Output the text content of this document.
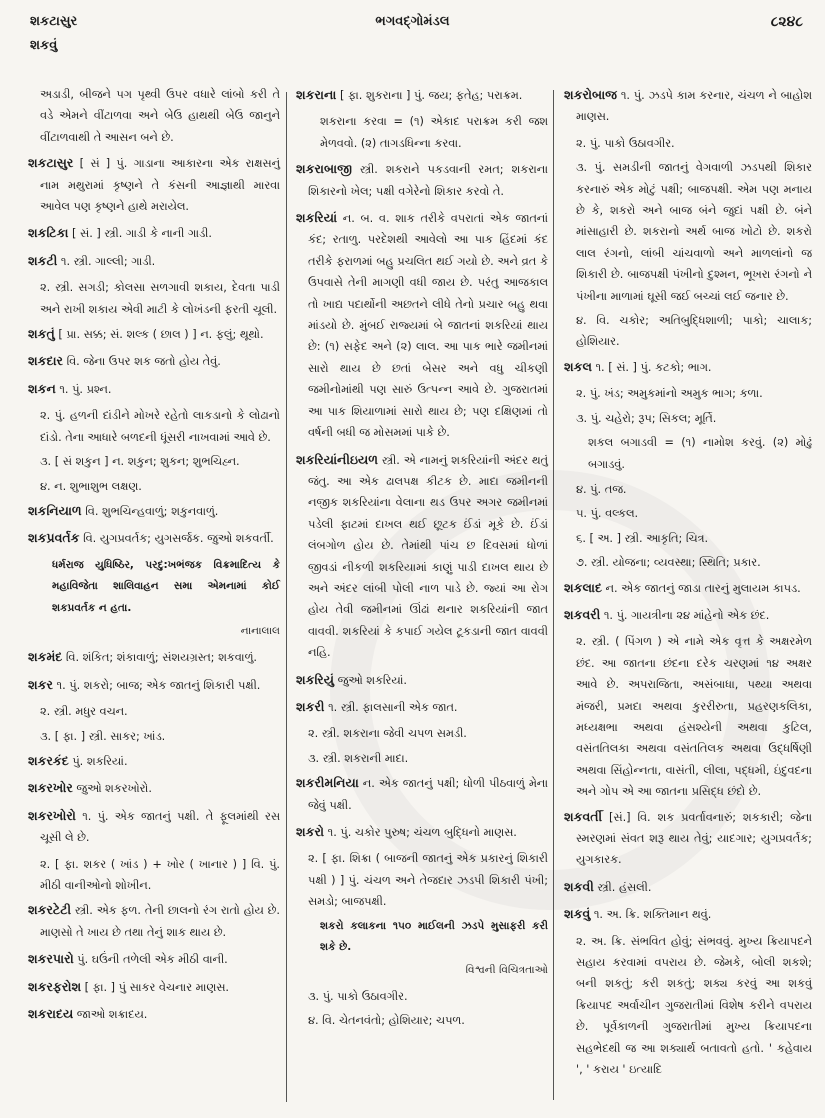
શકટાસુર	ભગવદ્ગોમંડલ	૮૨૪૮
શકવું
અડાડી, બીજને પગ પૃથ્વી ઉપર વધારે લાંબો કરી તે વડે એમને વીંટાળવા અને બેઉ હાથથી બેઉ જાનુને વીંટાળવાથી તે આસન બને છે.
શકટાસુર [ સં ] પું. ગાડાના આકારના એક રાક્ષસનું નામ મથુરામાં કૃષ્ણને તે કંસની આજ્ઞાથી મારવા આવેલ પણ કૃષ્ણને હાથે મરાયેલ.
શકટિકા [ સં. ] સ્ત્રી. ગાડી કે નાની ગાડી.
શકટી ૧. સ્ત્રી. ગાલ્લી; ગાડી.
૨. સ્ત્રી. સગડી; કોલસા સળગાવી શકાય, દેવતા પાડી અને રાખી શકાય એવી માટી કે લોખંડની ફરતી ચૂલી.
શકતું [ પ્રા. સક્ક; સં. શલ્ક ( છાલ ) ] ન. ફલું; થૂથો.
શકદાર વિ. જેના ઉપર શક જતો હોય તેવું.
શકન ૧. પું. પ્રશ્ન.
૨. પું. હળની દાંડીને મોખરે રહેતો લાકડાનો કે લોઢાનો દાંડો. તેના આધારે બળદની ધૂંસરી નાખવામાં આવે છે.
૩. [ સં શકુન ] ન. શકુન; શુકન; શુભચિહ્ન.
૪. ન. શુભાશુભ લક્ષણ.
શકનિયાળ વિ. શુભચિન્હવાળું; શકુનવાળું.
શકપ્રવર્તક વિ. યુગપ્રવર્તક; યુગસર્જક. જુઓ શકવર્તી.
ધર્મરાજ યુધિષ્ઠિર, પરદુ:ખભંજક વિક્રમાદિત્ય કે મહાવિજેતા શાલિવાહન સમા એમનામાં કોઈ શકપ્રવર્તક ન હતા.
નાનાલાલ
શકમંદ વિ. શંકિત; શંકાવાળું; સંશયગ્રસ્ત; શકવાળું.
શકર ૧. પું. શકરો; બાજ; એક જાતનું શિકારી પક્ષી.
૨. સ્ત્રી. મધુર વચન.
૩. [ ફા. ] સ્ત્રી. સાકર; ખાંડ.
શકરકંદ પું. શકરિયાં.
શકરખોર જુઓ શકરખોરો.
શકરખોરો ૧. પું. એક જાતનું પક્ષી. તે ફૂલમાંથી રસ ચૂસી લે છે.
૨. [ ફા. શકર ( ખાંડ ) + ખોર ( ખાનાર ) ] વિ. પું. મીઠી વાનીઓનો શોખીન.
શકરટેટી સ્ત્રી. એક ફળ. તેની છાલનો રંગ રાતો હોય છે. માણસો તે ખાય છે તથા તેનું શાક થાય છે.
શકરપારો પું. ઘઉંની તળેલી એક મીઠી વાની.
શકરફરોશ [ ફા. ] પું સાકર વેચનાર માણસ.
શકરાદય જાઓ શક્રાદય.
શકરાના [ ફા. શુકરાના ] પું. જય; ફતેહ; પરાક્રમ.
શકરાના કરવા = (૧) એકાદ પરાક્રમ કરી જશ મેળવવો. (૨) તાગડધિન્ના કરવા.
શકરાબાજી સ્ત્રી. શકરાને પકડવાની રમત; શકરાના શિકારનો ખેલ; પક્ષી વગેરેનો શિકાર કરવો તે.
શકરિયાં ન. બ. વ. શાક તરીકે વપરાતાં એક જાતનાં કંદ; રતાળુ. પરદેશથી આવેલો આ પાક હિંદમાં કંદ તરીકે ફરાળમાં બહુ પ્રચલિત થઈ ગયો છે. અને વ્રત કે ઉપવાસે તેની માગણી વધી જાય છે. પરંતુ આજકાલ તો ખાદ્ય પદાર્થોની અછતને લીધે તેનો પ્રચાર બહુ થવા માંડયો છે. મુંબઈ રાજ્યમાં બે જાતનાં શકરિયાં થાય છે: (૧) સફેદ અને (૨) લાલ. આ પાક ભારે જમીનમાં સારો થાય છે છતાં બેસર અને વધુ ચીકણી જમીનોમાંથી પણ સારું ઉત્પન્ન આવે છે. ગુજરાતમાં આ પાક શિયાળામાં સારો થાય છે; પણ દક્ષિણમાં તો વર્ષની બધી જ મોસમમાં પાકે છે.
શકરિયાંનીઇયળ સ્ત્રી. એ નામનું શકરિયાંની અંદર થતું જંતુ. આ એક ઢાલપક્ષ કીટક છે. માદા જમીનની નજીક શકરિયાંના વેલાના થડ ઉપર અગર જમીનમાં પડેલી ફાટમાં દાખલ થઈ છૂટક ઈંડાં મૂકે છે. ઈંડાં લંબગોળ હોય છે. તેમાંથી પાંચ છ દિવસમાં ધોળાં જીવડાં નીકળી શકરિયામાં કાણું પાડી દાખલ થાય છે અને અંદર લાંબી પોલી નાળ પાડે છે. જ્યાં આ રોગ હોય તેવી જમીનમાં ઊંઢાં થનાર શકરિયાંની જાત વાવવી. શકરિયાં કે કપાઈ ગયેલ ટૂકડાની જાત વાવવી નહિ.
શકરિયું જુઓ શકરિયાં.
શકરી ૧. સ્ત્રી. ફાલસાની એક જાત.
૨. સ્ત્રી. શકરાના જેવી ચપળ સમડી.
૩. સ્ત્રી. શકરાની માદા.
શકરીમનિયા ન. એક જાતનું પક્ષી; ધોળી પીઠવાળું મેના જેવું પક્ષી.
શકરો ૧. પું. ચકોર પુરુષ; ચંચળ બુદ્ધિનો માણસ.
૨. [ ફા. શિક્રા ( બાજની જાતનું એક પ્રકારનું શિકારી પક્ષી ) ] પું. ચંચળ અને તેજદાર ઝડપી શિકારી પંખી; સમડો; બાજપક્ષી.
શકરો કલાકના ૧૫૦ માઈલની ઝડપે મુસાફરી કરી શકે છે.
વિશ્વની વિચિત્રતાઓ
૩. પું. પાકો ઉઠાવગીર.
૪. વિ. ચેતનવંતો; હોશિયાર; ચપળ.
શકરોબાજ ૧. પું. ઝડપે કામ કરનાર, ચંચળ ને બાહોશ માણસ.
૨. પું. પાકો ઉઠાવગીર.
૩. પું. સમડીની જાતનું વેગવાળી ઝડપથી શિકાર કરનારું એક મોટું પક્ષી; બાજપક્ષી. એમ પણ મનાય છે કે, શકરો અને બાજ બંને જુદાં પક્ષી છે. બંને માંસાહારી છે. શકરાનો અર્થ બાજ ખોટો છે. શકરો લાલ રંગનો, લાંબી ચાંચવાળો અને માળલાંનો જ શિકારી છે. બાજપક્ષી પંખીનો દુશ્મન, ભૂખરા રંગનો ને પંખીના માળામાં ઘૂસી જઈ બચ્ચાં લઈ જનાર છે.
૪. વિ. ચકોર; અતિબુદ્ધિશાળી; પાકો; ચાલાક; હોશિયાર.
શકલ ૧. [ સં. ] પું. કટકો; ભાગ.
૨. પું. ખંડ; અમુકમાંનો અમુક ભાગ; કળા.
૩. પું. ચહેરો; રૂપ; સિકલ; મૂર્તિ.
શકલ બગાડવી = (૧) નામોશ કરવું. (૨) મોઢું બગાડવું.
૪. પું. તજ.
૫. પું. વલ્કલ.
૬. [ અ. ] સ્ત્રી. આકૃતિ; ચિત્ર.
૭. સ્ત્રી. યોજના; વ્યવસ્થા; સ્થિતિ; પ્રકાર.
શકલાદ ન. એક જાતનું જાડા તારનું મુલાયમ કાપડ.
શકવરી ૧. પું. ગાયત્રીના ૨૪ માંહેનો એક છંદ.
૨. સ્ત્રી. ( પિંગળ ) એ નામે એક વૃત્ત કે અક્ષરમેળ છંદ. આ જાતના છંદના દરેક ચરણમાં ૧૪ અક્ષર આવે છે. અપરાજિતા, અસંબાધા, પથ્યા અથવા મંજરી, પ્રમદા અથવા કુરરીરુતા, પ્રહરણકલિકા, મધ્યક્ષભા અથવા હંસશ્યેની અથવા કુટિલ, વસંતતિલકા અથવા વસંતતિલક અથવા ઉદ્ધર્ષિણી અથવા સિંહોન્નતા, વાસંતી, લીલા, પદ્ધમી, ઇંદુવદના અને ગોપ એ આ જાતના પ્રસિદ્ધ છંદો છે.
શકવર્તી [સં.] વિ. શક પ્રવર્તાવનારું; શકકારી; જેના સ્મરણમાં સંવત શરૂ થાય તેવું; યાદગાર; યુગપ્રવર્તક; યુગકારક.
શકવી સ્ત્રી. હંસલી.
શકવું ૧. અ. ક્રિ. શક્તિમાન થવું.
૨. અ. ક્રિ. સંભવિત હોવું; સંભવવું. મુખ્ય ક્રિયાપદને સહાય કરવામાં વપરાય છે. જેમકે, બોલી શકશે; બની શકતું; કરી શકતું; શક્ય કરવું આ શકવું ક્રિયાપદ અર્વાચીન ગુજરાતીમાં વિશેષ કરીને વપરાય છે. પૂર્વકાળની ગુજરાતીમાં મુખ્ય ક્રિયાપદના સહભેદથી જ આ શક્યાર્થ બતાવતો હતો. ' કહેવાય ', ' કરાય ' ઇત્યાદિ
